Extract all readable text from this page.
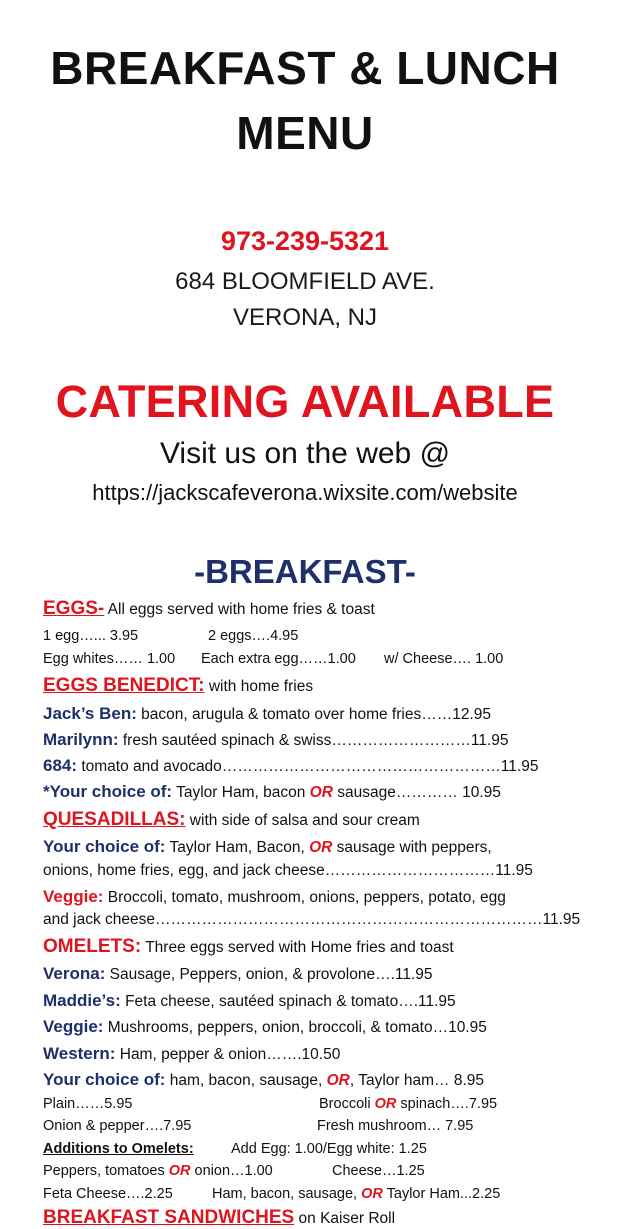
BREAKFAST & LUNCH
MENU
973-239-5321
684 BLOOMFIELD AVE.
VERONA, NJ
CATERING AVAILABLE
Visit us on the web @
https://jackscafeverona.wixsite.com/website
-BREAKFAST-
EGGS- All eggs served with home fries & toast
1 egg…... 3.95	2 eggs….4.95
Egg whites…… 1.00 Each extra egg……1.00 w/ Cheese…. 1.00
EGGS BENEDICT: with home fries
Jack’s Ben: bacon, arugula & tomato over home fries……12.95
Marilynn: fresh sautéed spinach & swiss………………………11.95
684: tomato and avocado………………………………………………11.95
*Your choice of: Taylor Ham, bacon OR sausage………… 10.95
QUESADILLAS: with side of salsa and sour cream
Your choice of: Taylor Ham, Bacon, OR sausage with peppers,
onions, home fries, egg, and jack cheese……………………………11.95
Veggie: Broccoli, tomato, mushroom, onions, peppers, potato, egg
and jack cheese…………………………………………………………………11.95
OMELETS: Three eggs served with Home fries and toast
Verona: Sausage, Peppers, onion, & provolone….11.95
Maddie’s: Feta cheese, sautéed spinach & tomato….11.95
Veggie: Mushrooms, peppers, onion, broccoli, & tomato…10.95
Western: Ham, pepper & onion…….10.50
Your choice of: ham, bacon, sausage, OR, Taylor ham… 8.95
Plain……5.95	Broccoli OR spinach….7.95
Onion & pepper….7.95	Fresh mushroom… 7.95
Additions to Omelets:	Add Egg: 1.00/Egg white: 1.25
Peppers, tomatoes OR onion…1.00	Cheese…1.25
Feta Cheese….2.25	Ham, bacon, sausage, OR Taylor Ham...2.25
BREAKFAST SANDWICHES on Kaiser Roll
